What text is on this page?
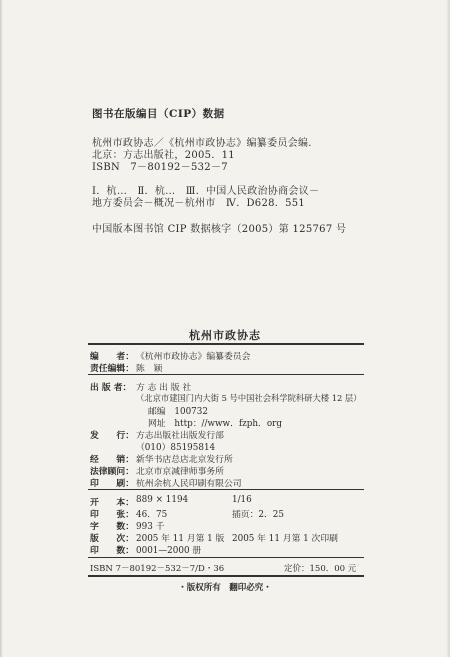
图书在版编目（CIP）数据
杭州市政协志／《杭州市政协志》编纂委员会编.
北京：方志出版社，2005．11
ISBN　7－80192－532－7
Ⅰ．杭…　Ⅱ．杭…　Ⅲ．中国人民政治协商会议－
地方委员会－概况－杭州市　Ⅳ．D628．551
中国版本图书馆 CIP 数据核字（2005）第 125767 号
杭州市政协志
编　　者： 《杭州市政协志》编纂委员会
责任编辑： 陈　颖
出 版 者： 方 志 出 版 社
（北京市建国门内大街 5 号中国社会科学院科研大楼 12 层）
邮编　100732
网址　http：//www．fzph．org
发　　行： 方志出版社出版发行部
（010）85195814
经　　销： 新华书店总店北京发行所
法律顾问： 北京市京减律师事务所
印　　刷： 杭州余杭人民印刷有限公司
开　　本： 889 × 1194	1/16
印　　张： 46．75	插页：2．25
字　　数： 993 千
版　　次： 2005 年 11 月第 1 版 2005 年 11 月第 1 次印刷
印　　数： 0001—2000 册
ISBN 7－80192－532－7/D・36	定价：150．00 元
・版权所有　翻印必究・
